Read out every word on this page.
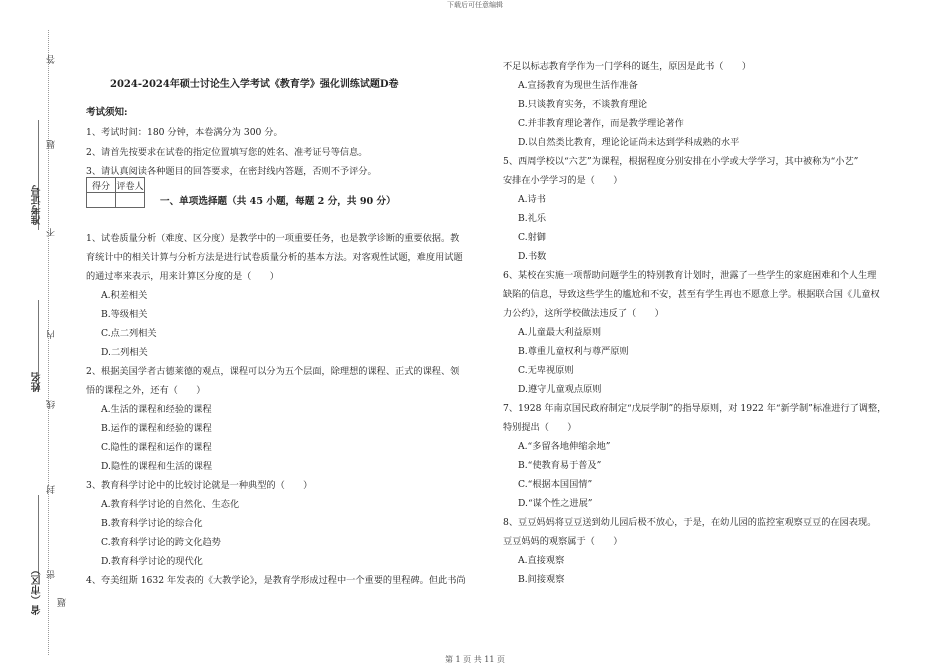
下载后可任意编辑
答
题
不
内
线
封
密
准考证号
姓名
省（市区） 题
2024-2024年硕士讨论生入学考试《教育学》强化训练试题D卷
考试须知:
1、考试时间：180 分钟，本卷满分为 300 分。
2、请首先按要求在试卷的指定位置填写您的姓名、准考证号等信息。
3、请认真阅读各种题目的回答要求，在密封线内答题，否则不予评分。
得分	评卷人

一、单项选择题（共 45 小题，每题 2 分，共 90 分）

1、试卷质量分析（难度、区分度）是教学中的一项重要任务，也是教学诊断的重要依据。教

育统计中的相关计算与分析方法是进行试卷质量分析的基本方法。对客观性试题，难度用试题

的通过率来表示，用来计算区分度的是（　　）

A.积差相关

B.等级相关

C.点二列相关

D.二列相关

2、根据美国学者古德莱德的观点，课程可以分为五个层面，除理想的课程、正式的课程、领

悟的课程之外，还有（　　）

A.生活的课程和经验的课程

B.运作的课程和经验的课程

C.隐性的课程和运作的课程

D.隐性的课程和生活的课程

3、教育科学讨论中的比较讨论就是一种典型的（　　）

A.教育科学讨论的自然化、生态化

B.教育科学讨论的综合化

C.教育科学讨论的跨文化趋势

D.教育科学讨论的现代化

4、夸美纽斯 1632 年发表的《大教学论》，是教育学形成过程中一个重要的里程碑。但此书尚

不足以标志教育学作为一门学科的诞生，原因是此书（　　）

A.宣扬教育为现世生活作准备

B.只谈教育实务，不谈教育理论

C.并非教育理论著作，而是教学理论著作

D.以自然类比教育，理论论证尚未达到学科成熟的水平

5、西周学校以“六艺”为课程，根据程度分别安排在小学或大学学习，其中被称为“小艺”

安排在小学学习的是（　　）

A.诗书

B.礼乐

C.射御

D.书数

6、某校在实施一项帮助问题学生的特别教育计划时，泄露了一些学生的家庭困难和个人生理

缺陷的信息，导致这些学生的尴尬和不安，甚至有学生再也不愿意上学。根据联合国《儿童权

力公约》，这所学校做法违反了（　　）

A.儿童最大利益原则

B.尊重儿童权利与尊严原则

C.无卑视原则

D.遵守儿童观点原则

7、1928 年南京国民政府制定“戊辰学制”的指导原则，对 1922 年“新学制”标准进行了调整，

特别提出（　　）

A.“多留各地伸缩余地”

B.“使教育易于普及”

C.“根据本国国情”

D.“谋个性之进展”

8、豆豆妈妈将豆豆送到幼儿园后极不放心，于是，在幼儿园的监控室观察豆豆的在园表现。

豆豆妈妈的观察属于（　　）

A.直接观察

B.间接观察

第 1 页 共 11 页
